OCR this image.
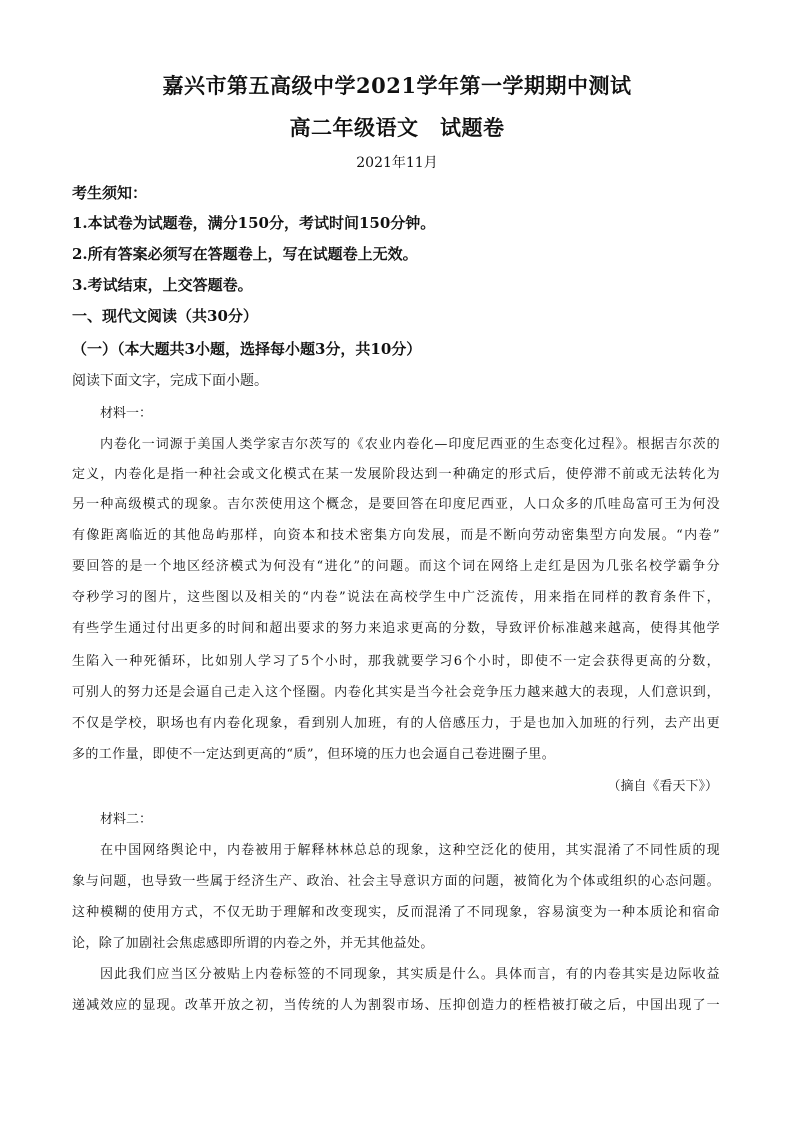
嘉兴市第五高级中学2021学年第一学期期中测试
高二年级语文　试题卷
2021年11月
考生须知：
1.本试卷为试题卷，满分150分，考试时间150分钟。
2.所有答案必须写在答题卷上，写在试题卷上无效。
3.考试结束，上交答题卷。
一、现代文阅读（共30分）
（一）（本大题共3小题，选择每小题3分，共10分）
阅读下面文字，完成下面小题。
材料一：
内卷化一词源于美国人类学家吉尔茨写的《农业内卷化—印度尼西亚的生态变化过程》。根据吉尔茨的
定义，内卷化是指一种社会或文化模式在某一发展阶段达到一种确定的形式后，使停滞不前或无法转化为
另一种高级模式的现象。吉尔茨使用这个概念，是要回答在印度尼西亚，人口众多的爪哇岛富可王为何没
有像距离临近的其他岛屿那样，向资本和技术密集方向发展，而是不断向劳动密集型方向发展。“内卷”
要回答的是一个地区经济模式为何没有“进化”的问题。而这个词在网络上走红是因为几张名校学霸争分
夺秒学习的图片，这些图以及相关的“内卷”说法在高校学生中广泛流传，用来指在同样的教育条件下，
有些学生通过付出更多的时间和超出要求的努力来追求更高的分数，导致评价标准越来越高，使得其他学
生陷入一种死循环，比如别人学习了5个小时，那我就要学习6个小时，即使不一定会获得更高的分数，
可别人的努力还是会逼自己走入这个怪圈。内卷化其实是当今社会竞争压力越来越大的表现，人们意识到，
不仅是学校，职场也有内卷化现象，看到别人加班，有的人倍感压力，于是也加入加班的行列，去产出更
多的工作量，即使不一定达到更高的“质”，但环境的压力也会逼自己卷进圈子里。
（摘自《看天下》）
材料二：
在中国网络舆论中，内卷被用于解释林林总总的现象，这种空泛化的使用，其实混淆了不同性质的现
象与问题，也导致一些属于经济生产、政治、社会主导意识方面的问题，被简化为个体或组织的心态问题。
这种模糊的使用方式，不仅无助于理解和改变现实，反而混淆了不同现象，容易演变为一种本质论和宿命
论，除了加剧社会焦虑感即所谓的内卷之外，并无其他益处。
因此我们应当区分被贴上内卷标签的不同现象，其实质是什么。具体而言，有的内卷其实是边际收益
递减效应的显现。改革开放之初，当传统的人为割裂市场、压抑创造力的桎梏被打破之后，中国出现了一
